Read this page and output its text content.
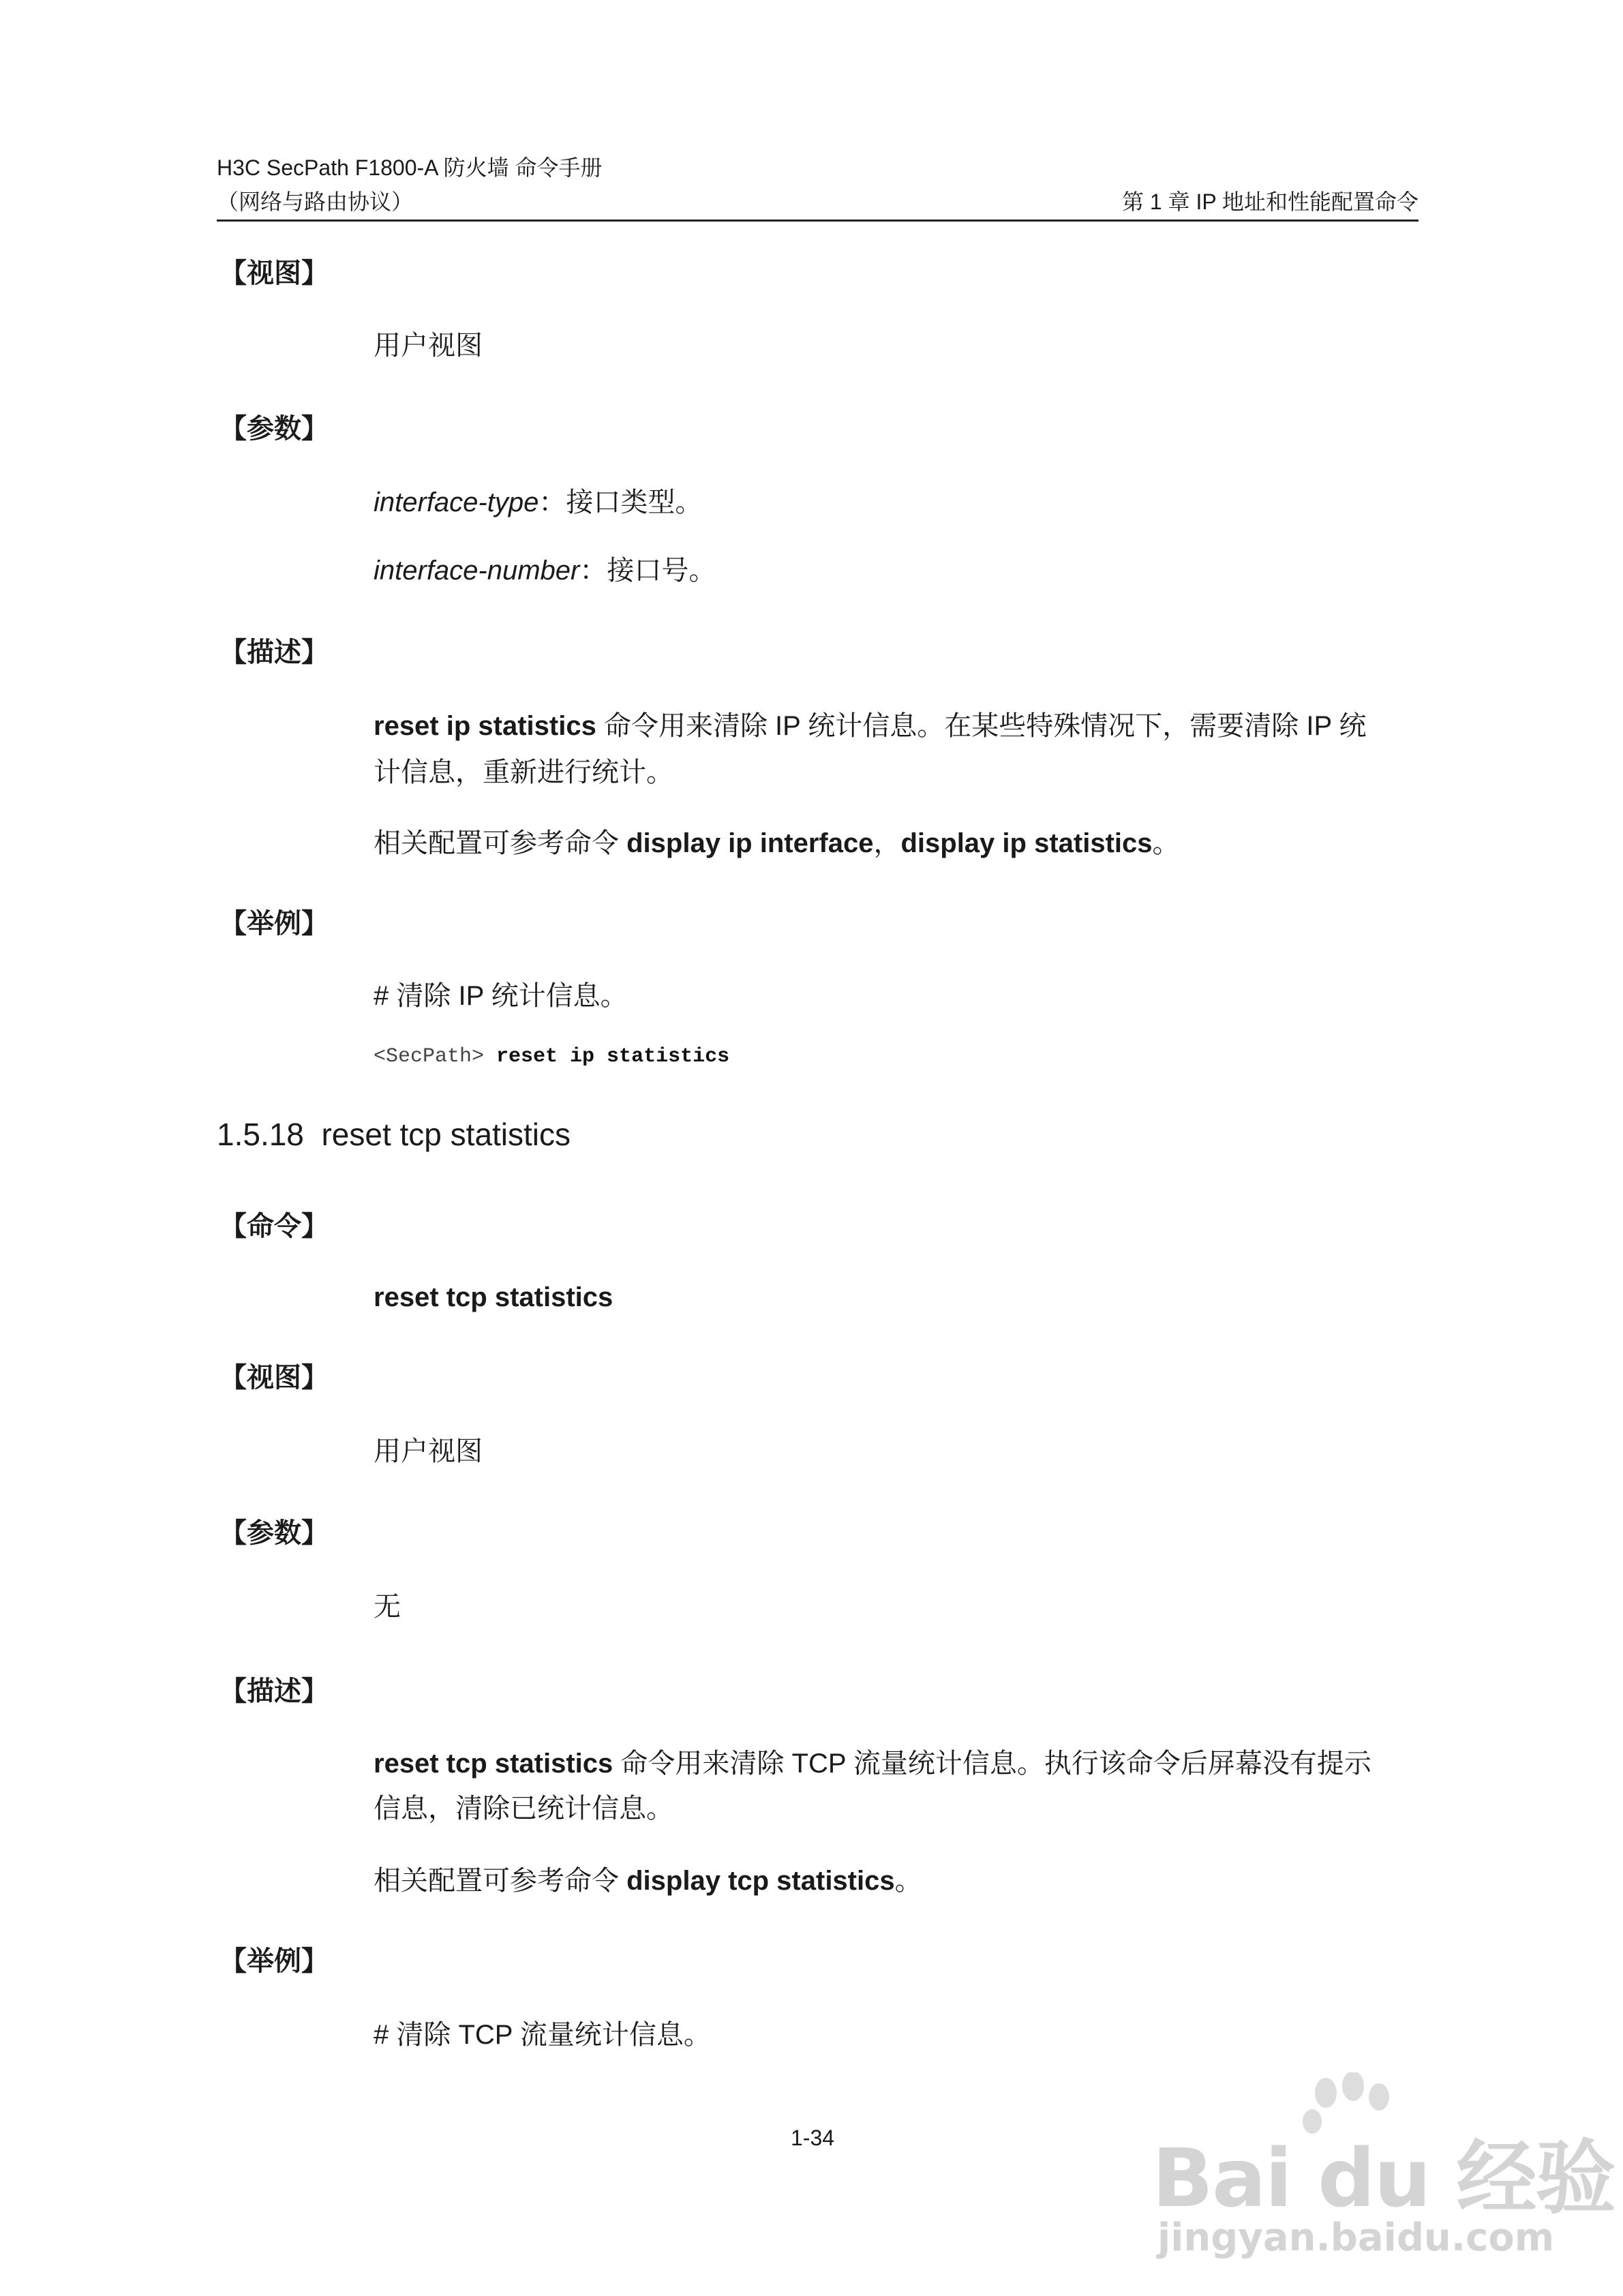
H3C SecPath F1800-A 防火墙 命令手册
（网络与路由协议）	第 1 章 IP 地址和性能配置命令
【视图】
用户视图
【参数】
interface-type：接口类型。
interface-number：接口号。
【描述】
reset ip statistics 命令用来清除 IP 统计信息。在某些特殊情况下，需要清除 IP 统
计信息，重新进行统计。
相关配置可参考命令 display ip interface，display ip statistics。
【举例】
# 清除 IP 统计信息。
<SecPath> reset ip statistics
1.5.18 reset tcp statistics
【命令】
reset tcp statistics
【视图】
用户视图
【参数】
无
【描述】
reset tcp statistics 命令用来清除 TCP 流量统计信息。执行该命令后屏幕没有提示
信息，清除已统计信息。
相关配置可参考命令 display tcp statistics。
【举例】
# 清除 TCP 流量统计信息。
1-34	Bai du 经验
jingyan.baidu.com
